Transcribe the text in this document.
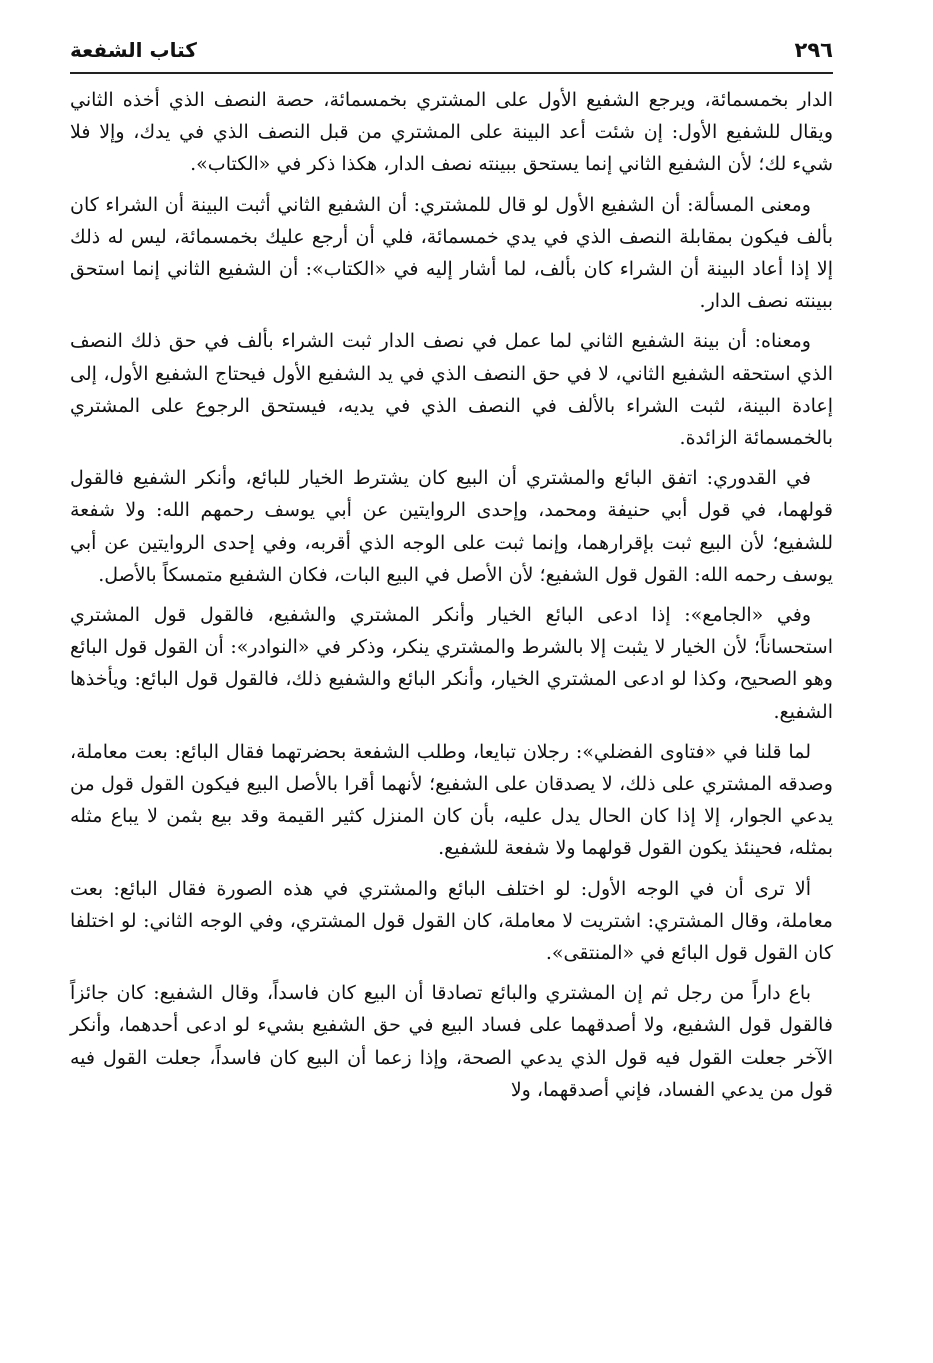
٢٩٦
كتاب الشفعة

الدار بخمسمائة، ويرجع الشفيع الأول على المشتري بخمسمائة، حصة النصف الذي أخذه الثاني ويقال للشفيع الأول: إن شئت أعد البينة على المشتري من قبل النصف الذي في يدك، وإلا فلا شيء لك؛ لأن الشفيع الثاني إنما يستحق ببينته نصف الدار، هكذا ذكر في «الكتاب».

ومعنى المسألة: أن الشفيع الأول لو قال للمشتري: أن الشفيع الثاني أثبت البينة أن الشراء كان بألف فيكون بمقابلة النصف الذي في يدي خمسمائة، فلي أن أرجع عليك بخمسمائة، ليس له ذلك إلا إذا أعاد البينة أن الشراء كان بألف، لما أشار إليه في «الكتاب»: أن الشفيع الثاني إنما استحق ببينته نصف الدار.

ومعناه: أن بينة الشفيع الثاني لما عمل في نصف الدار ثبت الشراء بألف في حق ذلك النصف الذي استحقه الشفيع الثاني، لا في حق النصف الذي في يد الشفيع الأول فيحتاج الشفيع الأول، إلى إعادة البينة، لثبت الشراء بالألف في النصف الذي في يديه، فيستحق الرجوع على المشتري بالخمسمائة الزائدة.

في القدوري: اتفق البائع والمشتري أن البيع كان يشترط الخيار للبائع، وأنكر الشفيع فالقول قولهما، في قول أبي حنيفة ومحمد، وإحدى الروايتين عن أبي يوسف رحمهم الله: ولا شفعة للشفيع؛ لأن البيع ثبت بإقرارهما، وإنما ثبت على الوجه الذي أقربه، وفي إحدى الروايتين عن أبي يوسف رحمه الله: القول قول الشفيع؛ لأن الأصل في البيع البات، فكان الشفيع متمسكاً بالأصل.

وفي «الجامع»: إذا ادعى البائع الخيار وأنكر المشتري والشفيع، فالقول قول المشتري استحساناً؛ لأن الخيار لا يثبت إلا بالشرط والمشتري ينكر، وذكر في «النوادر»: أن القول قول البائع وهو الصحيح، وكذا لو ادعى المشتري الخيار، وأنكر البائع والشفيع ذلك، فالقول قول البائع: ويأخذها الشفيع.

لما قلنا في «فتاوى الفضلي»: رجلان تبايعا، وطلب الشفعة بحضرتهما فقال البائع: بعت معاملة، وصدقه المشتري على ذلك، لا يصدقان على الشفيع؛ لأنهما أقرا بالأصل البيع فيكون القول قول من يدعي الجوار، إلا إذا كان الحال يدل عليه، بأن كان المنزل كثير القيمة وقد بيع بثمن لا يباع مثله بمثله، فحينئذ يكون القول قولهما ولا شفعة للشفيع.

ألا ترى أن في الوجه الأول: لو اختلف البائع والمشتري في هذه الصورة فقال البائع: بعت معاملة، وقال المشتري: اشتريت لا معاملة، كان القول قول المشتري، وفي الوجه الثاني: لو اختلفا كان القول قول البائع في «المنتقى».

باع داراً من رجل ثم إن المشتري والبائع تصادقا أن البيع كان فاسداً، وقال الشفيع: كان جائزاً فالقول قول الشفيع، ولا أصدقهما على فساد البيع في حق الشفيع بشيء لو ادعى أحدهما، وأنكر الآخر جعلت القول فيه قول الذي يدعي الصحة، وإذا زعما أن البيع كان فاسداً، جعلت القول فيه قول من يدعي الفساد، فإني أصدقهما، ولا
